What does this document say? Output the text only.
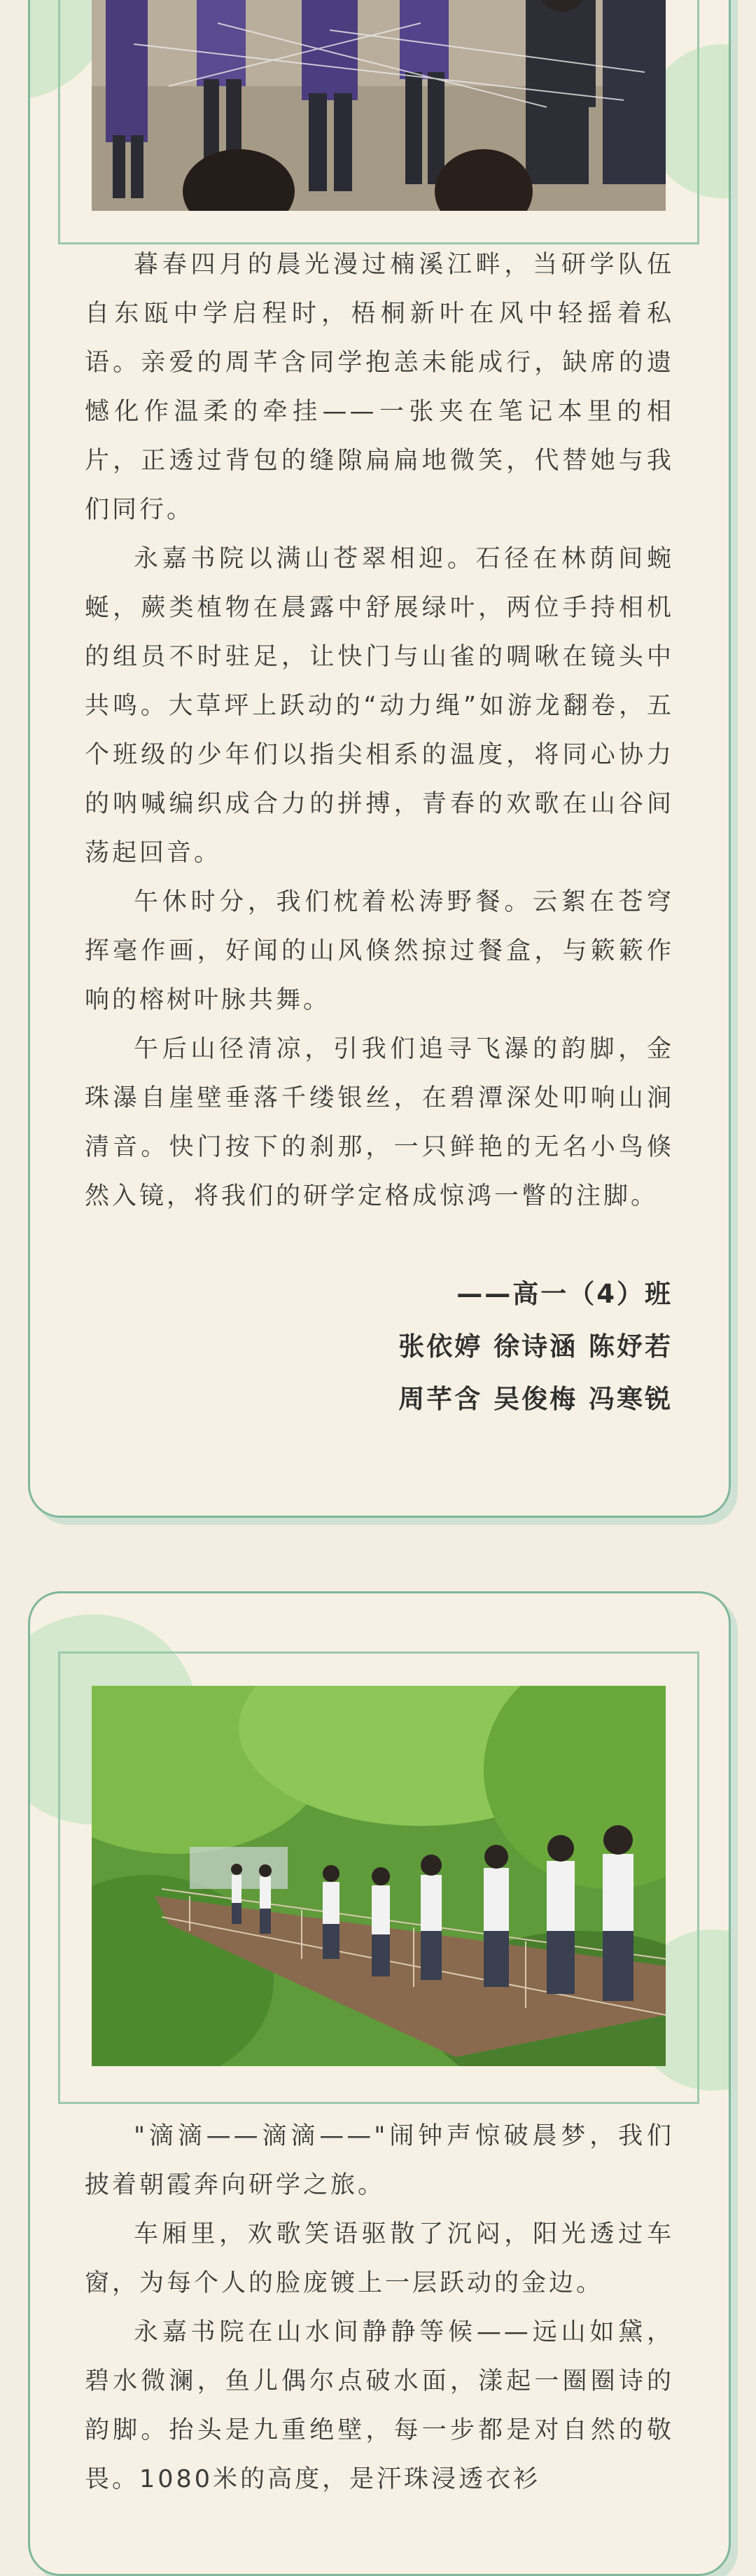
暮春四月的晨光漫过楠溪江畔，当研学队伍自东瓯中学启程时，梧桐新叶在风中轻摇着私语。亲爱的周芊含同学抱恙未能成行，缺席的遗憾化作温柔的牵挂——一张夹在笔记本里的相片，正透过背包的缝隙扁扁地微笑，代替她与我们同行。

永嘉书院以满山苍翠相迎。石径在林荫间蜿蜒，蕨类植物在晨露中舒展绿叶，两位手持相机的组员不时驻足，让快门与山雀的啁啾在镜头中共鸣。大草坪上跃动的“动力绳”如游龙翻卷，五个班级的少年们以指尖相系的温度，将同心协力的呐喊编织成合力的拼搏，青春的欢歌在山谷间荡起回音。

午休时分，我们枕着松涛野餐。云絮在苍穹挥毫作画，好闻的山风倏然掠过餐盒，与簌簌作响的榕树叶脉共舞。

午后山径清凉，引我们追寻飞瀑的韵脚，金珠瀑自崖壁垂落千缕银丝，在碧潭深处叩响山涧清音。快门按下的刹那，一只鲜艳的无名小鸟倏然入镜，将我们的研学定格成惊鸿一瞥的注脚。

——高一（4）班
张依婷 徐诗涵 陈妤若
周芊含 吴俊梅 冯寒锐

"滴滴——滴滴——"闹钟声惊破晨梦，我们披着朝霞奔向研学之旅。

车厢里，欢歌笑语驱散了沉闷，阳光透过车窗，为每个人的脸庞镀上一层跃动的金边。

永嘉书院在山水间静静等候——远山如黛，碧水微澜，鱼儿偶尔点破水面，漾起一圈圈诗的韵脚。抬头是九重绝壁，每一步都是对自然的敬畏。1080米的高度，是汗珠浸透衣衫
